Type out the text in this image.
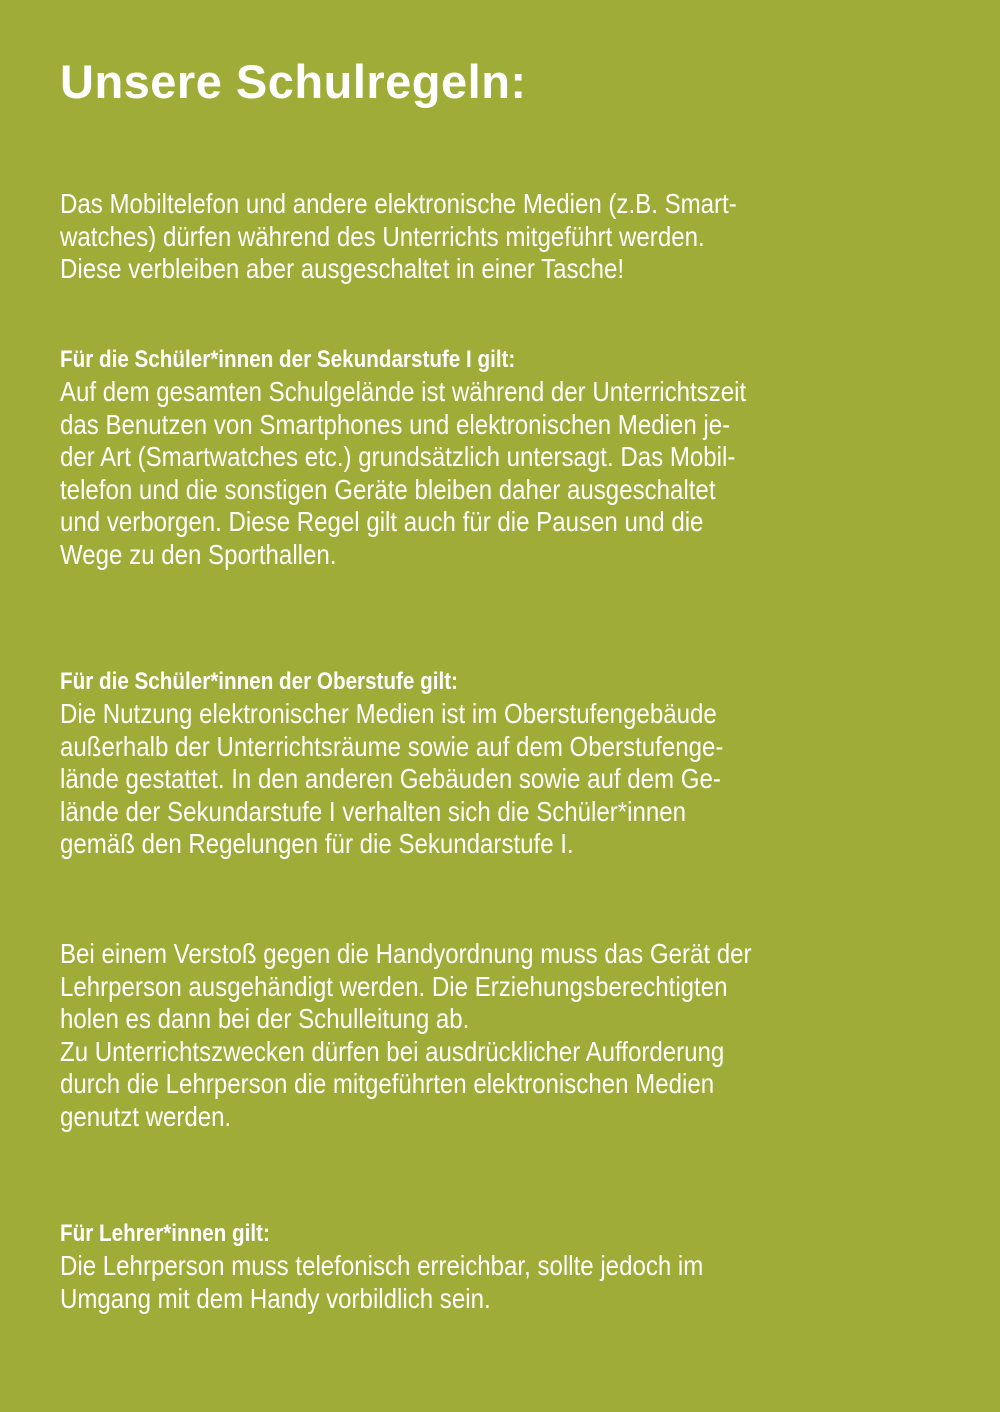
Unsere Schulregeln:
Das Mobiltelefon und andere elektronische Medien (z.B. Smart-
watches) dürfen während des Unterrichts mitgeführt werden.
Diese verbleiben aber ausgeschaltet in einer Tasche!
Für die Schüler*innen der Sekundarstufe I gilt:
Auf dem gesamten Schulgelände ist während der Unterrichtszeit
das Benutzen von Smartphones und elektronischen Medien je-
der Art (Smartwatches etc.) grundsätzlich untersagt. Das Mobil-
telefon und die sonstigen Geräte bleiben daher ausgeschaltet
und verborgen. Diese Regel gilt auch für die Pausen und die
Wege zu den Sporthallen.
Für die Schüler*innen der Oberstufe gilt:
Die Nutzung elektronischer Medien ist im Oberstufengebäude
außerhalb der Unterrichtsräume sowie auf dem Oberstufenge-
lände gestattet. In den anderen Gebäuden sowie auf dem Ge-
lände der Sekundarstufe I verhalten sich die Schüler*innen
gemäß den Regelungen für die Sekundarstufe I.
Bei einem Verstoß gegen die Handyordnung muss das Gerät der
Lehrperson ausgehändigt werden. Die Erziehungsberechtigten
holen es dann bei der Schulleitung ab.
Zu Unterrichtszwecken dürfen bei ausdrücklicher Aufforderung
durch die Lehrperson die mitgeführten elektronischen Medien
genutzt werden.
Für Lehrer*innen gilt:
Die Lehrperson muss telefonisch erreichbar, sollte jedoch im
Umgang mit dem Handy vorbildlich sein.
